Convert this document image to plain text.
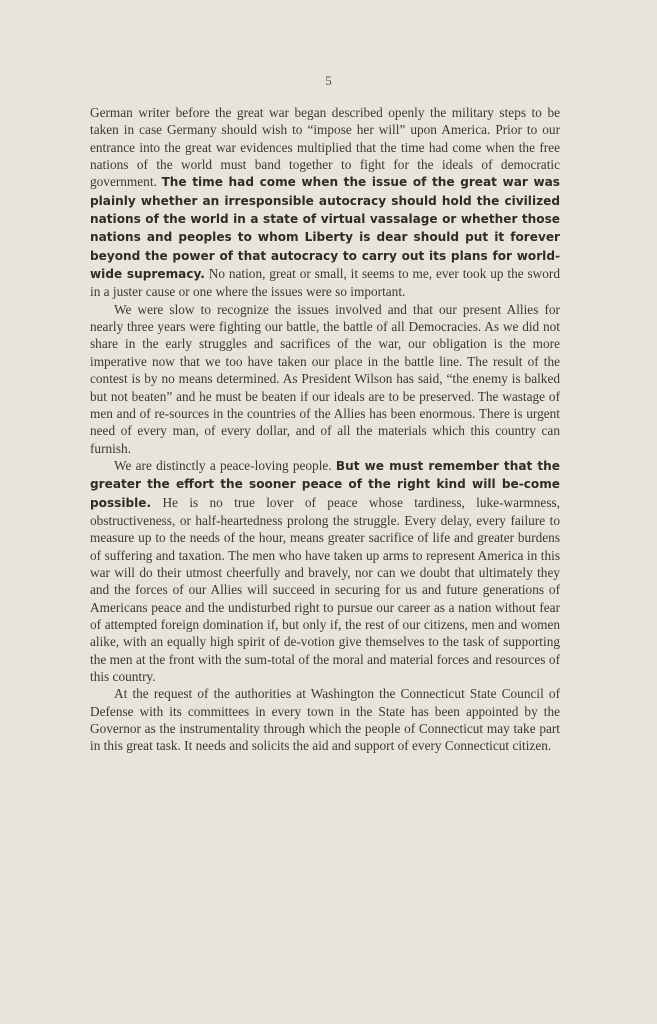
5

German writer before the great war began described openly the military steps to be taken in case Germany should wish to “impose her will” upon America. Prior to our entrance into the great war evidences multiplied that the time had come when the free nations of the world must band together to fight for the ideals of democratic government. The time had come when the issue of the great war was plainly whether an irresponsible autocracy should hold the civilized nations of the world in a state of virtual vassalage or whether those nations and peoples to whom Liberty is dear should put it forever beyond the power of that autocracy to carry out its plans for world-wide supremacy. No nation, great or small, it seems to me, ever took up the sword in a juster cause or one where the issues were so important.

We were slow to recognize the issues involved and that our present Allies for nearly three years were fighting our battle, the battle of all Democracies. As we did not share in the early struggles and sacrifices of the war, our obligation is the more imperative now that we too have taken our place in the battle line. The result of the contest is by no means determined. As President Wilson has said, “the enemy is balked but not beaten” and he must be beaten if our ideals are to be preserved. The wastage of men and of re-sources in the countries of the Allies has been enormous. There is urgent need of every man, of every dollar, and of all the materials which this country can furnish.

We are distinctly a peace-loving people. But we must remember that the greater the effort the sooner peace of the right kind will be-come possible. He is no true lover of peace whose tardiness, luke-warmness, obstructiveness, or half-heartedness prolong the struggle. Every delay, every failure to measure up to the needs of the hour, means greater sacrifice of life and greater burdens of suffering and taxation. The men who have taken up arms to represent America in this war will do their utmost cheerfully and bravely, nor can we doubt that ultimately they and the forces of our Allies will succeed in securing for us and future generations of Americans peace and the undisturbed right to pursue our career as a nation without fear of attempted foreign domination if, but only if, the rest of our citizens, men and women alike, with an equally high spirit of de-votion give themselves to the task of supporting the men at the front with the sum-total of the moral and material forces and resources of this country.

At the request of the authorities at Washington the Connecticut State Council of Defense with its committees in every town in the State has been appointed by the Governor as the instrumentality through which the people of Connecticut may take part in this great task. It needs and solicits the aid and support of every Connecticut citizen.
